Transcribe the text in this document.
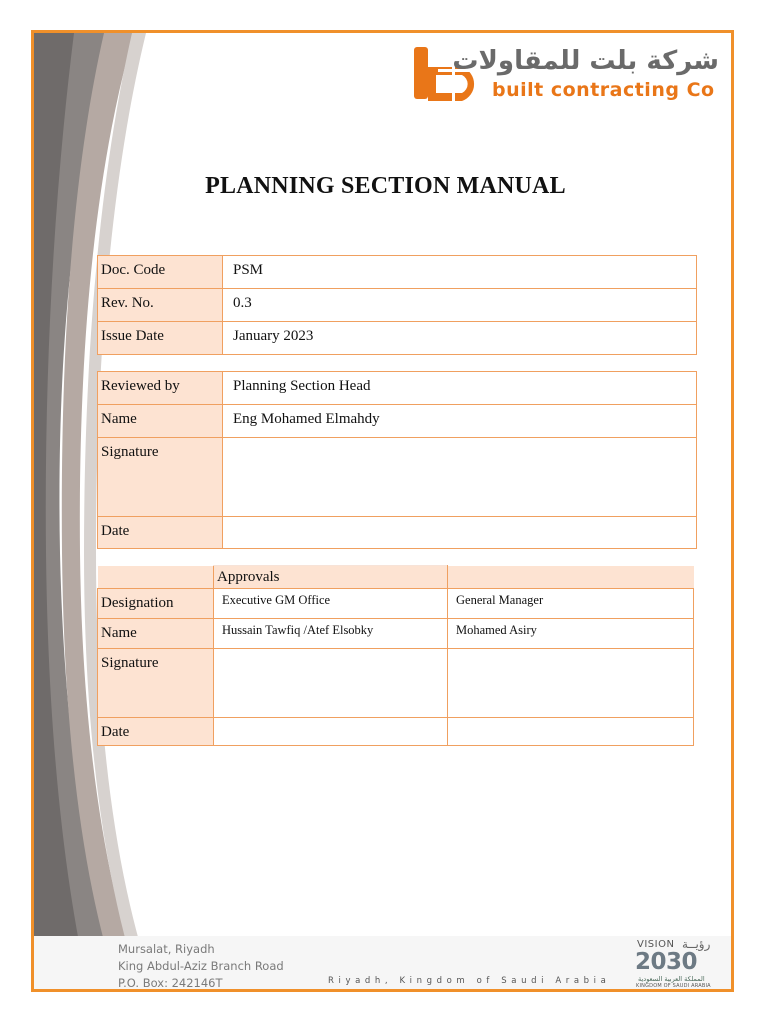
شركة بلت للمقاولات
built contracting Co
PLANNING SECTION MANUAL
Doc. Code	PSM
Rev. No.	0.3
Issue Date	January 2023
Reviewed by	Planning Section Head
Name	Eng Mohamed Elmahdy
Signature	
Date	
	Approvals	
Designation	Executive GM Office	General Manager
Name	Hussain Tawfiq /Atef Elsobky	Mohamed Asiry
Signature		
Date		
Mursalat, Riyadh
King Abdul-Aziz Branch Road
P.O. Box: 242146T	Riyadh, Kingdom of Saudi Arabia
VISION رؤيــة
2030
المملكة العربية السعودية
KINGDOM OF SAUDI ARABIA
